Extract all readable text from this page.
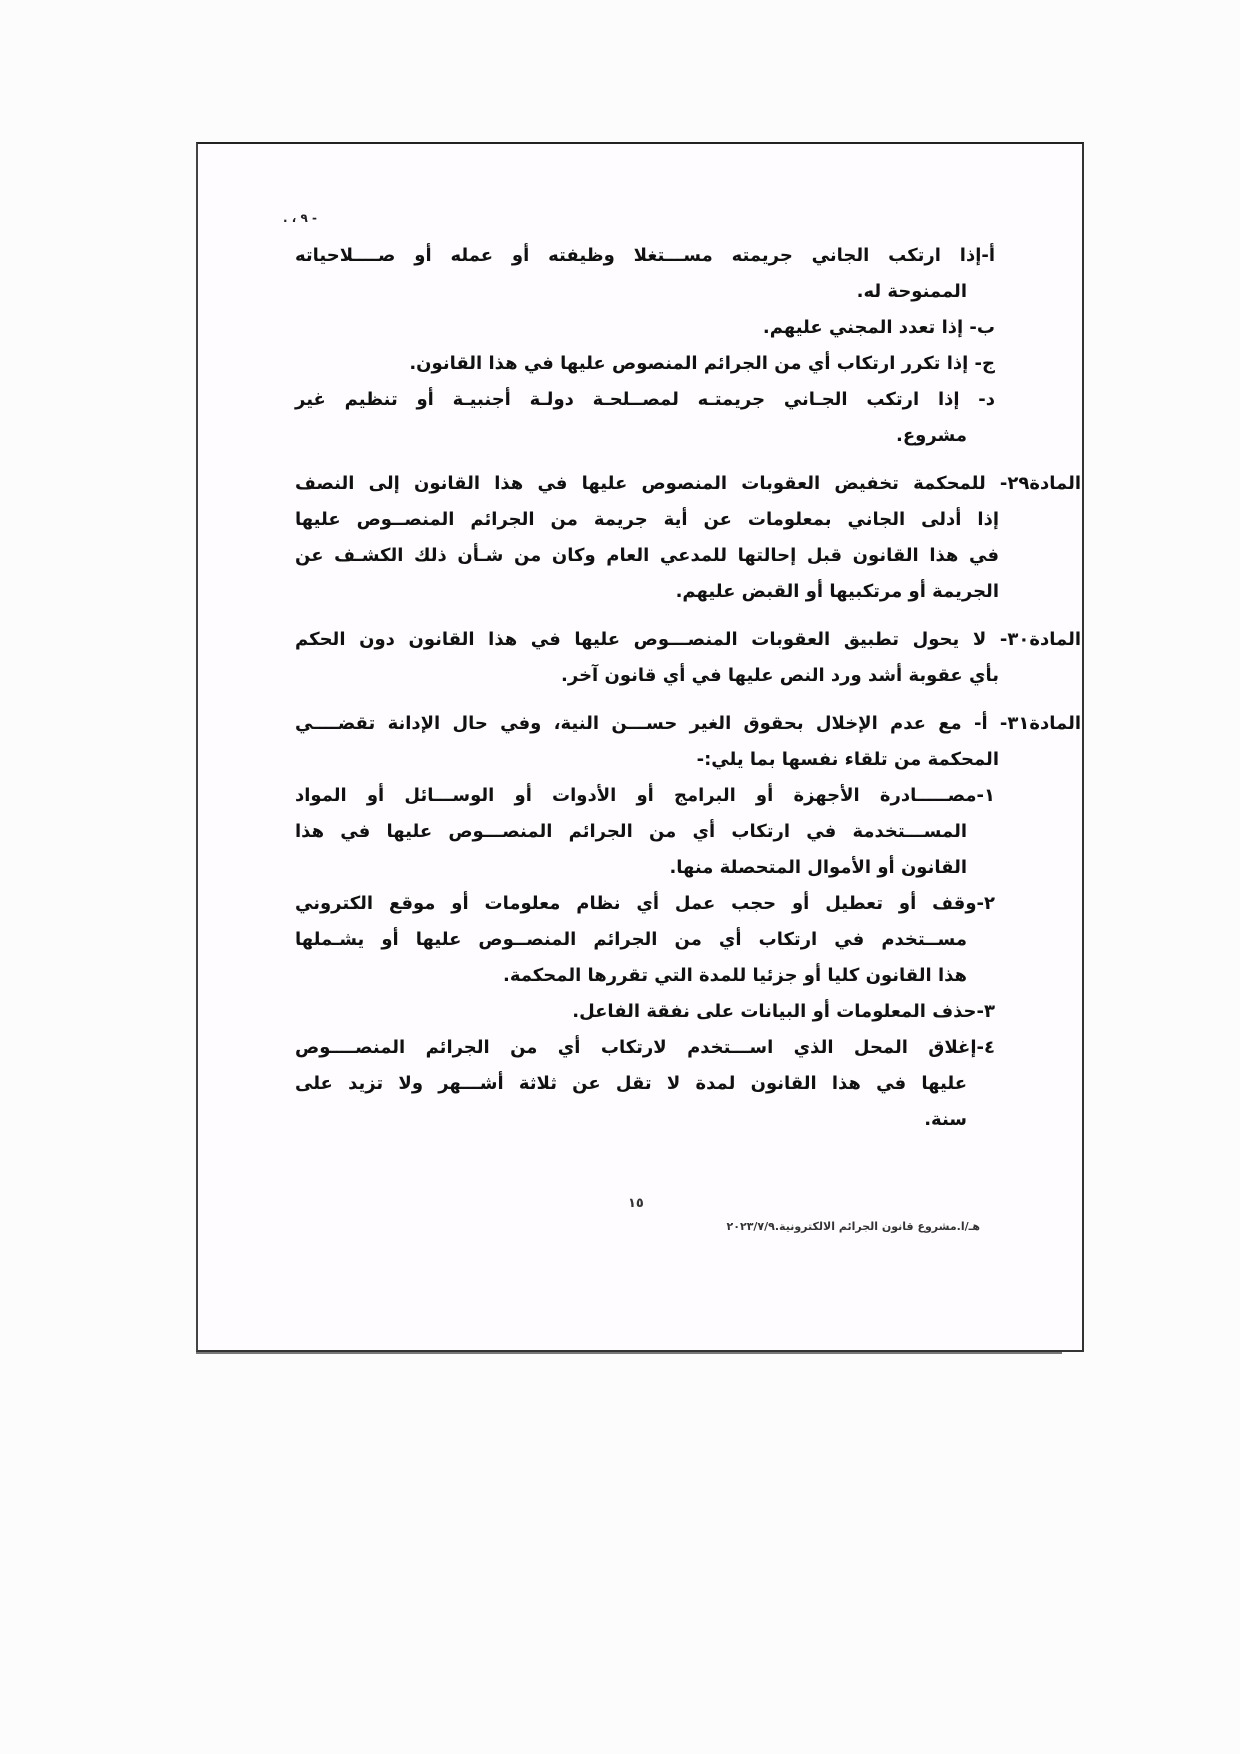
. ، ٩ -
أ-إذا ارتكب الجاني جريمته مســـتغلا وظيفته أو عمله أو صــــلاحياته
الممنوحة له.
ب- إذا تعدد المجني عليهم.
ج- إذا تكرر ارتكاب أي من الجرائم المنصوص عليها في هذا القانون.
د- إذا ارتكب الجـاني جريمتـه لمصــلحـة دولـة أجنبيـة أو تنظيم غير
مشروع.
المادة٢٩- للمحكمة تخفيض العقوبات المنصوص عليها في هذا القانون إلى النصف
إذا أدلى الجاني بمعلومات عن أية جريمة من الجرائم المنصــوص عليها
في هذا القانون قبل إحالتها للمدعي العام وكان من شـأن ذلك الكشـف عن
الجريمة أو مرتكبيها أو القبض عليهم.
المادة٣٠- لا يحول تطبيق العقوبات المنصـــوص عليها في هذا القانون دون الحكم
بأي عقوبة أشد ورد النص عليها في أي قانون آخر.
المادة٣١- أ- مع عدم الإخلال بحقوق الغير حســـن النية، وفي حال الإدانة تقضــــي
المحكمة من تلقاء نفسها بما يلي:-
١-مصـــــادرة الأجهزة أو البرامج أو الأدوات أو الوســـائل أو المواد
المســـتخدمة في ارتكاب أي من الجرائم المنصـــوص عليها في هذا
القانون أو الأموال المتحصلة منها.
٢-وقف أو تعطيل أو حجب عمل أي نظام معلومات أو موقع الكتروني
مســتخدم في ارتكاب أي من الجرائم المنصــوص عليها أو يشـملها
هذا القانون كليا أو جزئيا للمدة التي تقررها المحكمة.
٣-حذف المعلومات أو البيانات على نفقة الفاعل.
٤-إغلاق المحل الذي اســـتخدم لارتكاب أي من الجرائم المنصــــوص
عليها في هذا القانون لمدة لا تقل عن ثلاثة أشـــهر ولا تزيد على
سنة.
١٥
هـ/ا.مشروع قانون الجرائم الالكترونية.٢٠٢٣/٧/٩
